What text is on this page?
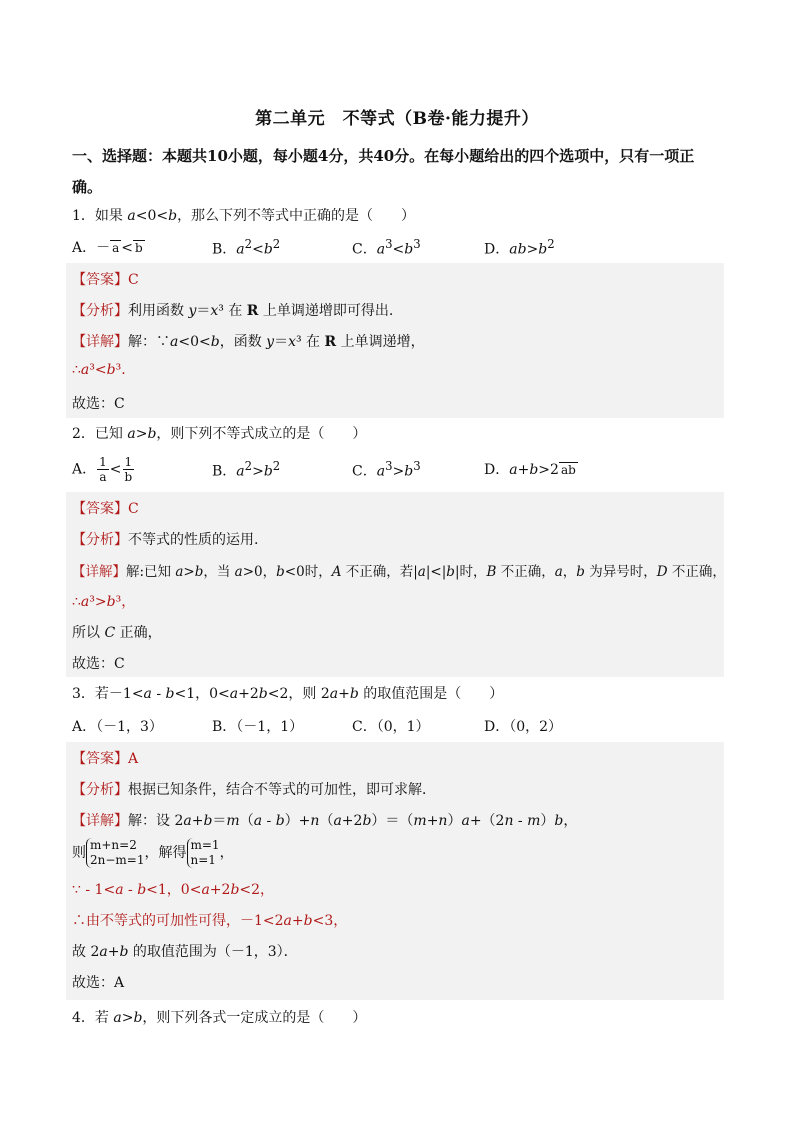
第二单元　不等式（B卷·能力提升）
一、选择题：本题共10小题，每小题4分，共40分。在每小题给出的四个选项中，只有一项正确。
1．如果 a<0<b，那么下列不等式中正确的是（　　）
A．－ a < b	B．$a^2<b^2$	C．$a^3<b^3$	D．$ab>b^2$
【答案】C
【分析】利用函数 y＝x³ 在 R 上单调递增即可得出.
【详解】解：∵a<0<b，函数 y＝x³ 在 R 上单调递增，
∴a³<b³.
故选：C
2．已知 a>b，则下列不等式成立的是（　　）
A． $\frac{1}{a} < \frac{1}{b}$	B．$a^2>b^2$	C．$a^3>b^3$	D．a+b>2 ab
【答案】C
【分析】不等式的性质的运用.
【详解】解:已知 a>b，当 a>0，b<0时，A 不正确，若|a|<|b|时，B 不正确，a，b 为异号时，D 不正确，
∴a³>b³，
所以 C 正确，
故选：C
3．若－1<a - b<1，0<a+2b<2，则 2a+b 的取值范围是（　　）
A．（－1，3）	B．（－1，1）	C．（0，1）	D．（0，2）
【答案】A
【分析】根据已知条件，结合不等式的可加性，即可求解．
【详解】解：设 2a+b＝m（a - b）+n（a+2b）＝（m+n）a+（2n - m）b，
则 m+n=2
2n−m=1，解得 m=1
n=1 ，
∵ - 1<a - b<1，0<a+2b<2，
∴由不等式的可加性可得，－1<2a+b<3，
故 2a+b 的取值范围为（－1，3）．
故选：A
4．若 a>b，则下列各式一定成立的是（　　）
